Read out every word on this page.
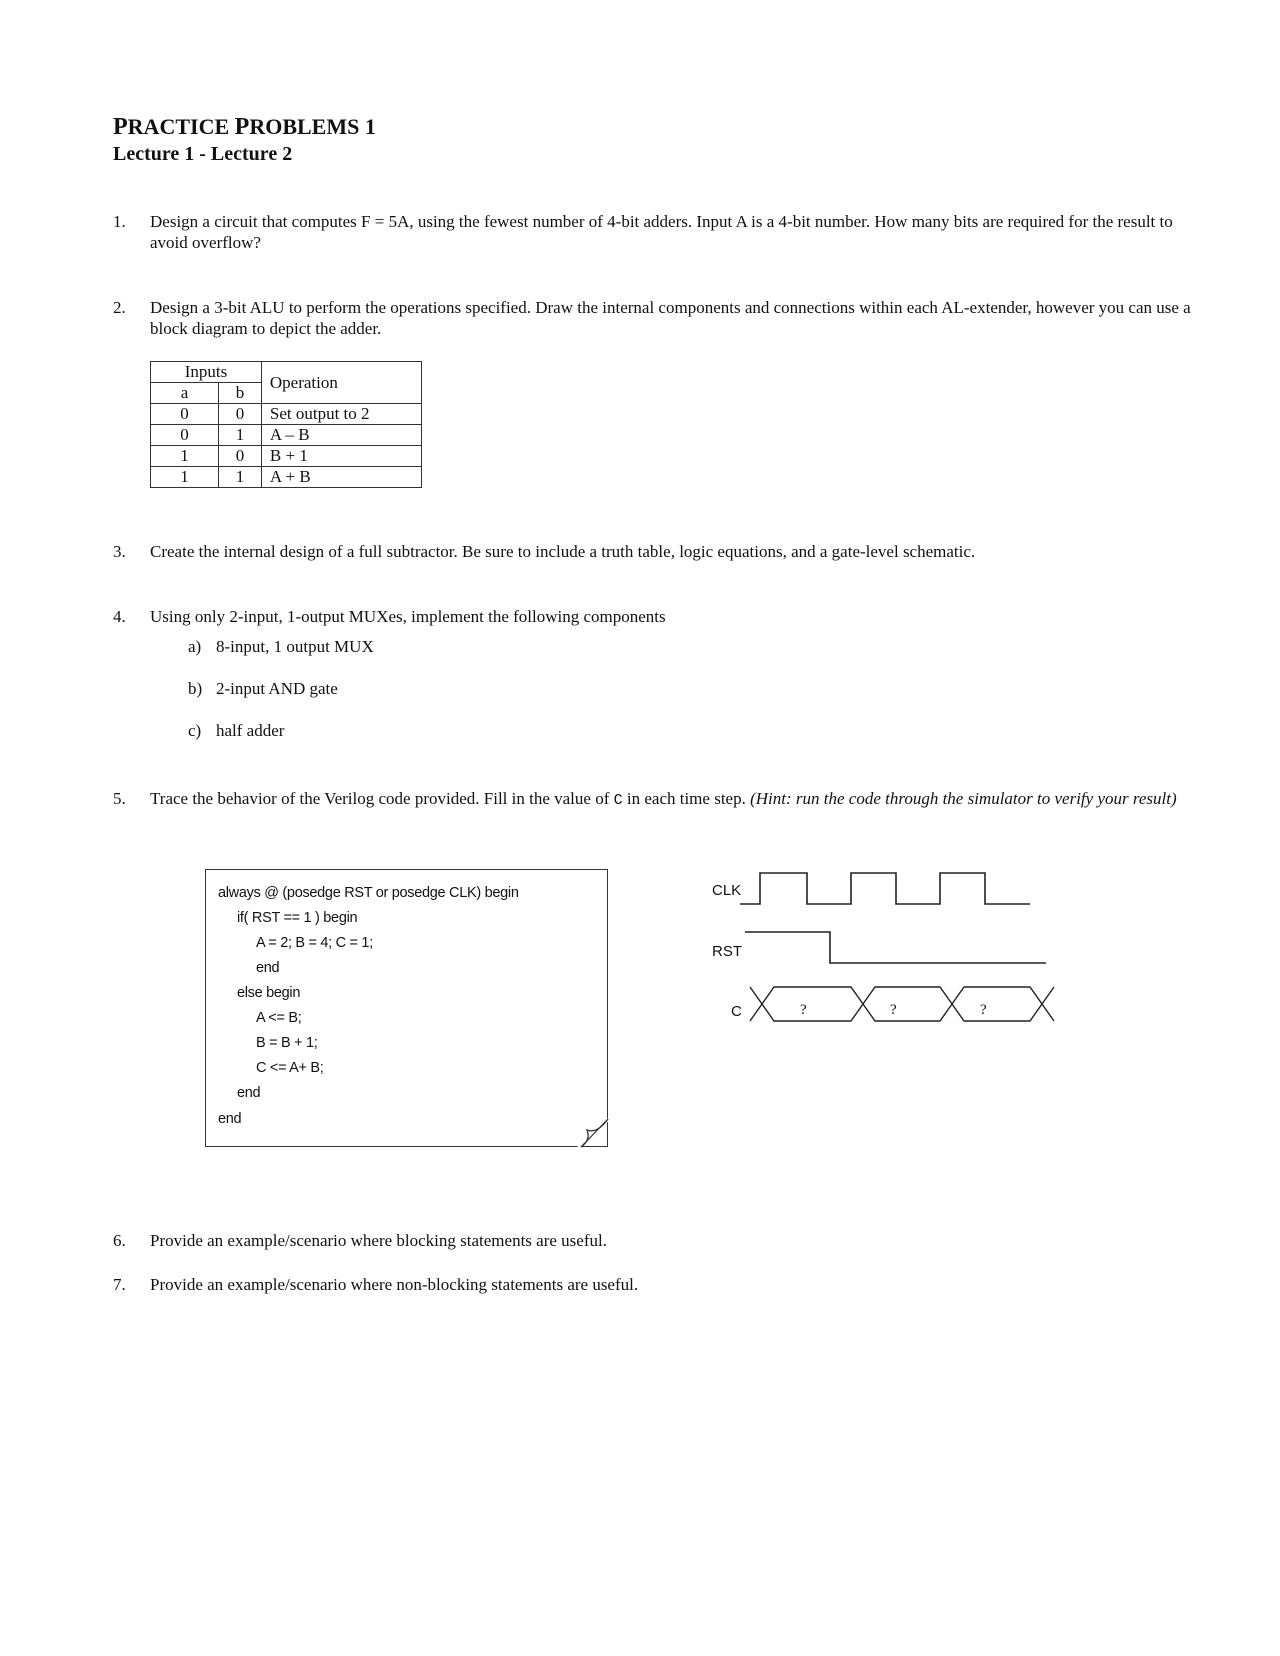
PRACTICE PROBLEMS 1
Lecture 1 - Lecture 2
1. Design a circuit that computes F = 5A, using the fewest number of 4-bit adders. Input A is a 4-bit number. How many bits are required for the result to avoid overflow?
2. Design a 3-bit ALU to perform the operations specified. Draw the internal components and connections within each AL-extender, however you can use a block diagram to depict the adder.
Inputs		Operation
a	b	
0	0	Set output to 2
0	1	A – B
1	0	B + 1
1	1	A + B
3. Create the internal design of a full subtractor. Be sure to include a truth table, logic equations, and a gate-level schematic.
4. Using only 2-input, 1-output MUXes, implement the following components
a) 8-input, 1 output MUX
b) 2-input AND gate
c) half adder
5. Trace the behavior of the Verilog code provided. Fill in the value of C in each time step. (Hint: run the code through the simulator to verify your result)
always @ (posedge RST or posedge CLK) begin
if( RST == 1 ) begin
A = 2; B = 4; C = 1;
end
else begin
A <= B;
B = B + 1;
C <= A+ B;
end
end
CLK
RST
C	?	?	?
6. Provide an example/scenario where blocking statements are useful.
7. Provide an example/scenario where non-blocking statements are useful.
